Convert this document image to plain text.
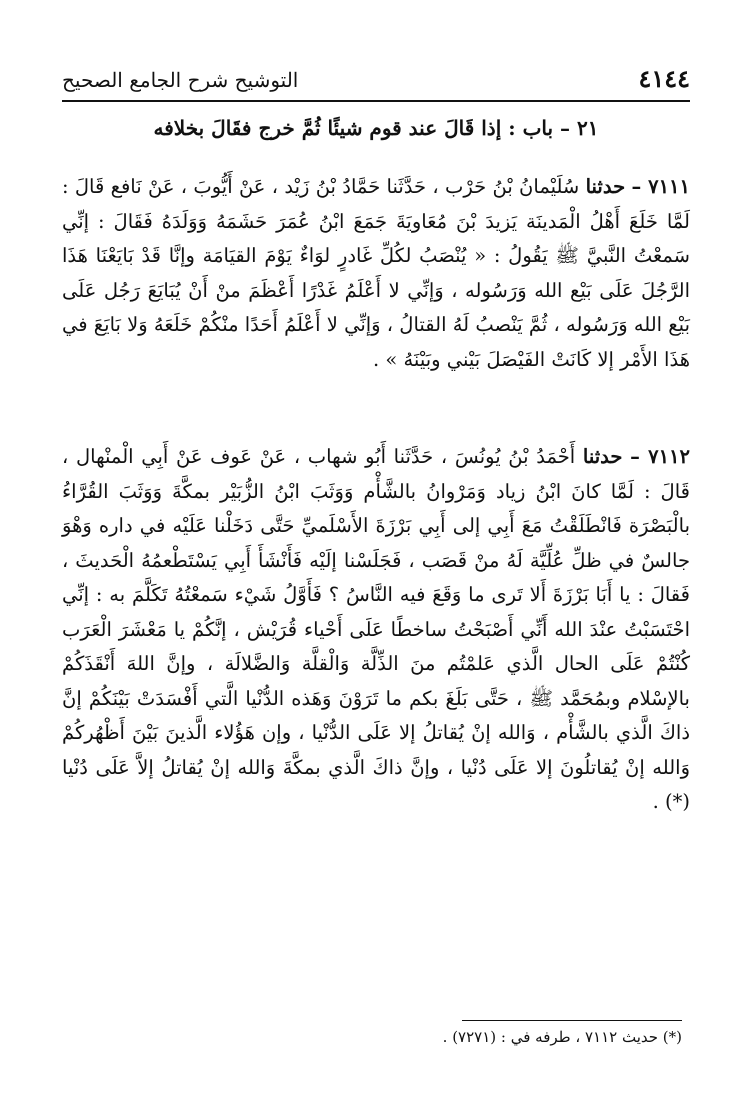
٤١٤٤
التوشيح شرح الجامع الصحيح
٢١ – باب : إذا قَالَ عند قوم شيئًا ثُمَّ خرج فقَالَ بخلافه
٧١١١ – حدثنا سُلَيْمانُ بْنُ حَرْب ، حَدَّثَنا حَمَّادُ بْنُ زَيْد ، عَنْ أَيُّوبَ ، عَنْ نَافع قَالَ : لَمَّا خَلَعَ أَهْلُ الْمَدينَة يَزيدَ بْنَ مُعَاويَةَ جَمَعَ ابْنُ عُمَرَ حَشَمَهُ وَوَلَدَهُ فَقَالَ : إنِّي سَمعْتُ النَّبيَّ ﷺ يَقُولُ : « يُنْصَبُ لكُلِّ غَادرٍ لوَاءٌ يَوْمَ القيَامَة وإنَّا قَدْ بَايَعْنَا هَذَا الرَّجُلَ عَلَى بَيْع الله وَرَسُوله ، وَإنِّي لا أَعْلَمُ غَدْرًا أَعْظَمَ منْ أَنْ يُبَايَعَ رَجُل عَلَى بَيْع الله وَرَسُوله ، ثُمَّ يَنْصبُ لَهُ القتالُ ، وَإنِّي لا أَعْلَمُ أَحَدًا منْكُمْ خَلَعَهُ وَلا بَايَعَ في هَذَا الأَمْر إلا كَانَتْ الفَيْصَلَ بَيْني وبَيْنَهُ » .
٧١١٢ – حدثنا أَحْمَدُ بْنُ يُونُسَ ، حَدَّثَنا أَبُو شهاب ، عَنْ عَوف عَنْ أَبِي الْمنْهال ، قَالَ : لَمَّا كانَ ابْنُ زياد وَمَرْوانُ بالشَّأْم وَوَثَبَ ابْنُ الزُّبَيْر بمكَّةَ وَوَثَبَ القُرَّاءُ بالْبَصْرَة فَانْطَلَقْتُ مَعَ أَبِي إلى أَبِي بَرْزَةَ الأَسْلَميِّ حَتَّى دَخَلْنا عَلَيْه في داره وَهْوَ جالسٌ في ظلِّ عُلِّيَّة لَهُ منْ قَصَب ، فَجَلَسْنا إلَيْه فَأَنْشَأَ أَبِي يَسْتَطْعمُهُ الْحَديثَ ، فَقالَ : يا أَبَا بَرْزَةَ أَلا تَرى ما وَقَعَ فيه النَّاسُ ؟ فَأَوَّلُ شَيْء سَمعْتُهُ تَكَلَّمَ به : إنِّي احْتَسَبْتُ عنْدَ الله أَنِّي أَصْبَحْتُ ساخطًا عَلَى أَحْياء قُرَيْش ، إنَّكُمْ يا مَعْشَرَ الْعَرَب كُنْتُمْ عَلَى الحال الَّذي عَلمْتُم منَ الذِّلَّة وَالْقلَّة وَالضَّلالَة ، وإنَّ اللهَ أَنْقَذَكُمْ بالإسْلام وبمُحَمَّد ﷺ ، حَتَّى بَلَغَ بكم ما تَرَوْنَ وَهَذه الدُّنْيا الَّتي أَفْسَدَتْ بَيْنَكُمْ إنَّ ذاكَ الَّذي بالشَّأْم ، وَالله إنْ يُقاتلُ إلا عَلَى الدُّنْيا ، وإن هَؤُلاء الَّذينَ بَيْنَ أَظْهُركُمْ وَالله إنْ يُقاتلُونَ إلا عَلَى دُنْيا ، وإنَّ ذاكَ الَّذي بمكَّةَ وَالله إنْ يُقاتلُ إلاَّ عَلَى دُنْيا (*) .
(*) حديث ٧١١٢ ، طرفه في : (٧٢٧١) .
